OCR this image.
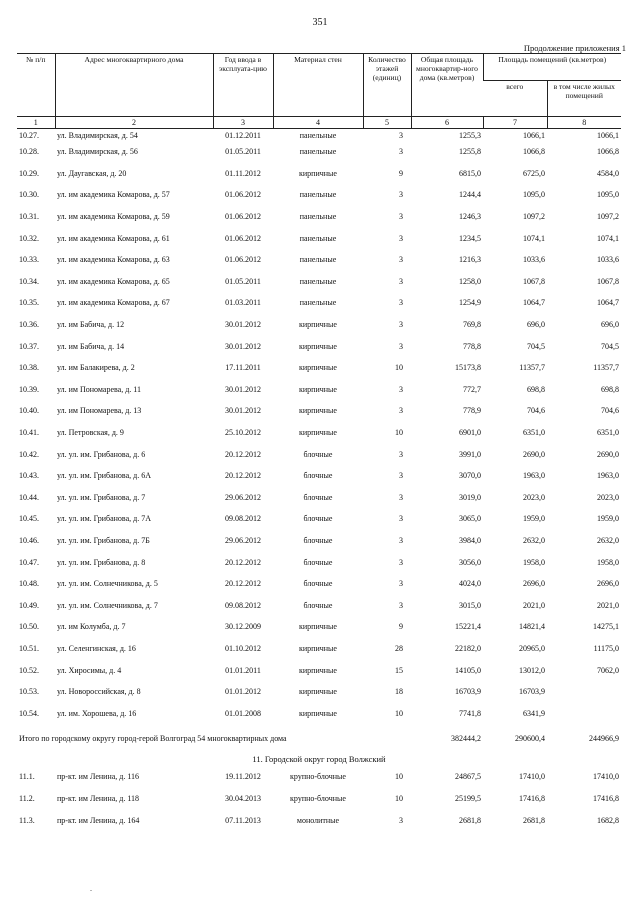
351
Продолжение приложения 1
№ п/п	Адрес многоквартирного дома	Год ввода в эксплуата-цию	Материал стен	Количество этажей (единиц)	Общая площадь многоквартир-ного дома (кв.метров)	Площадь помещений (кв.метров)	
						всего	в том числе жилых помещений
1	2	3	4	5	6	7	8
10.27.	ул. Владимирская, д. 54	01.12.2011	панельные	3	1255,3	1066,1	1066,1
10.28.	ул. Владимирская, д. 56	01.05.2011	панельные	3	1255,8	1066,8	1066,8
10.29.	ул. Даугавская, д. 20	01.11.2012	кирпичные	9	6815,0	6725,0	4584,0
10.30.	ул. им академика Комарова, д. 57	01.06.2012	панельные	3	1244,4	1095,0	1095,0
10.31.	ул. им академика Комарова, д. 59	01.06.2012	панельные	3	1246,3	1097,2	1097,2
10.32.	ул. им академика Комарова, д. 61	01.06.2012	панельные	3	1234,5	1074,1	1074,1
10.33.	ул. им академика Комарова, д. 63	01.06.2012	панельные	3	1216,3	1033,6	1033,6
10.34.	ул. им академика Комарова, д. 65	01.05.2011	панельные	3	1258,0	1067,8	1067,8
10.35.	ул. им академика Комарова, д. 67	01.03.2011	панельные	3	1254,9	1064,7	1064,7
10.36.	ул. им Бабича, д. 12	30.01.2012	кирпичные	3	769,8	696,0	696,0
10.37.	ул. им Бабича, д. 14	30.01.2012	кирпичные	3	778,8	704,5	704,5
10.38.	ул. им Балакирева, д. 2	17.11.2011	кирпичные	10	15173,8	11357,7	11357,7
10.39.	ул. им Пономарева, д. 11	30.01.2012	кирпичные	3	772,7	698,8	698,8
10.40.	ул. им Пономарева, д. 13	30.01.2012	кирпичные	3	778,9	704,6	704,6
10.41.	ул. Петровская, д. 9	25.10.2012	кирпичные	10	6901,0	6351,0	6351,0
10.42.	ул. ул. им. Грибанова, д. 6	20.12.2012	блочные	3	3991,0	2690,0	2690,0
10.43.	ул. ул. им. Грибанова, д. 6А	20.12.2012	блочные	3	3070,0	1963,0	1963,0
10.44.	ул. ул. им. Грибанова, д. 7	29.06.2012	блочные	3	3019,0	2023,0	2023,0
10.45.	ул. ул. им. Грибанова, д. 7А	09.08.2012	блочные	3	3065,0	1959,0	1959,0
10.46.	ул. ул. им. Грибанова, д. 7Б	29.06.2012	блочные	3	3984,0	2632,0	2632,0
10.47.	ул. ул. им. Грибанова, д. 8	20.12.2012	блочные	3	3056,0	1958,0	1958,0
10.48.	ул. ул. им. Солнечникова, д. 5	20.12.2012	блочные	3	4024,0	2696,0	2696,0
10.49.	ул. ул. им. Солнечникова, д. 7	09.08.2012	блочные	3	3015,0	2021,0	2021,0
10.50.	ул. им Колумба, д. 7	30.12.2009	кирпичные	9	15221,4	14821,4	14275,1
10.51.	ул. Селенгинская, д. 16	01.10.2012	кирпичные	28	22182,0	20965,0	11175,0
10.52.	ул. Хиросимы, д. 4	01.01.2011	кирпичные	15	14105,0	13012,0	7062,0
10.53.	ул. Новороссийская, д. 8	01.01.2012	кирпичные	18	16703,9	16703,9	
10.54.	ул. им. Хорошева, д. 16	01.01.2008	кирпичные	10	7741,8	6341,9	
Итого по городскому округу город-герой Волгоград 54 многоквартирных дома					382444,2	290600,4	244966,9
11. Городской округ город Волжский							
11.1.	пр-кт. им Ленина, д. 116	19.11.2012	крупно-блочные	10	24867,5	17410,0	17410,0
11.2.	пр-кт. им Ленина, д. 118	30.04.2013	крупно-блочные	10	25199,5	17416,8	17416,8
11.3.	пр-кт. им Ленина, д. 164	07.11.2013	монолитные	3	2681,8	2681,8	1682,8
.
